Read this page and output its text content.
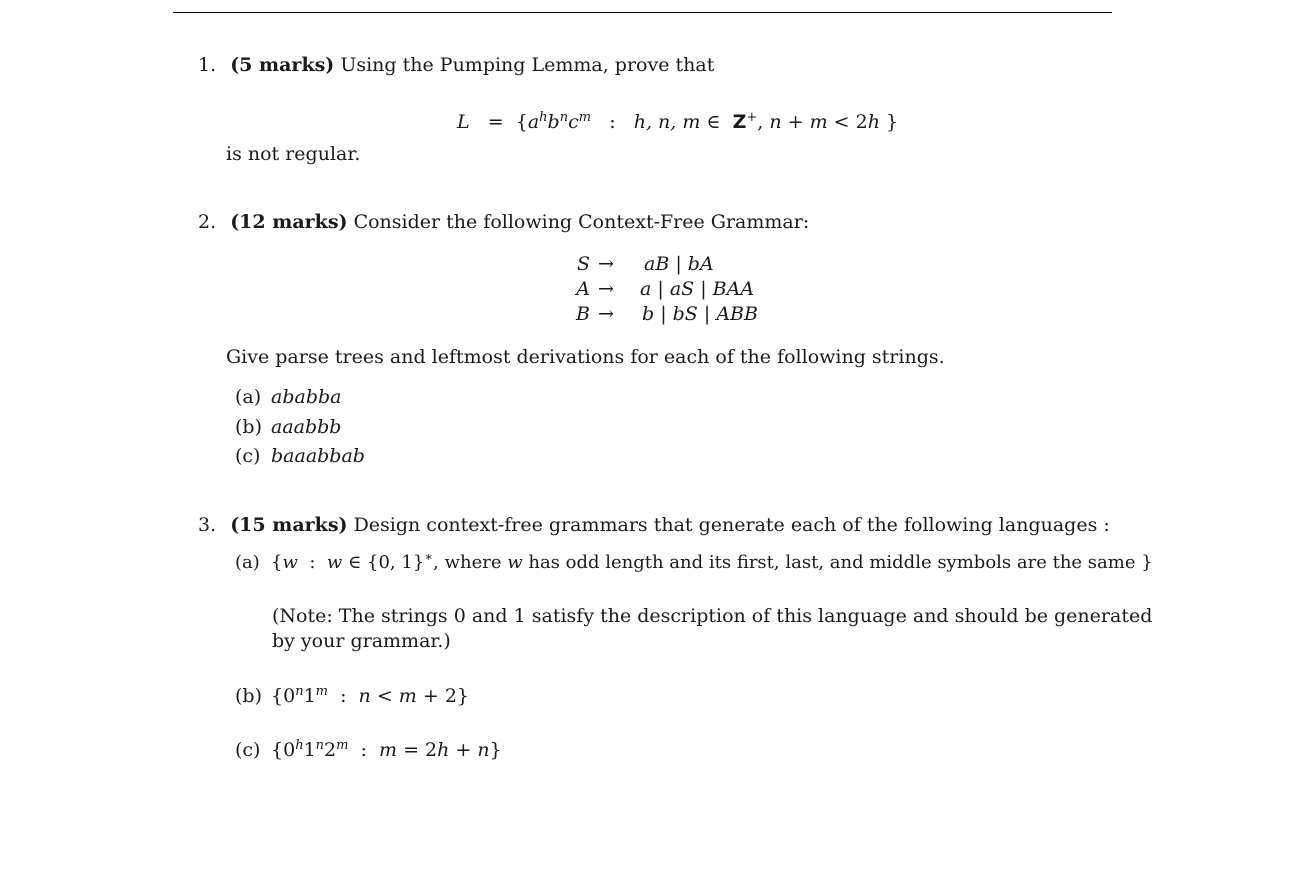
1. (5 marks) Using the Pumping Lemma, prove that
$L = \{a^hb^nc^m$   :   h, n, m ∈  Z+, n + m < 2h }
is not regular.
2. (12 marks) Consider the following Context-Free Grammar:
S → aB | bA
A → a | aS | BAA
B → b | bS | ABB
Give parse trees and leftmost derivations for each of the following strings.
(a) ababba
(b) aaabbb
(c) baaabbab
3. (15 marks) Design context-free grammars that generate each of the following languages :
(a) {w  :  w ∈ {0, 1}∗, where w has odd length and its first, last, and middle symbols are the same }
(Note: The strings 0 and 1 satisfy the description of this language and should be generated
by your grammar.)
(b) {0$^n$1$^m$  :  n < m + 2}
(c) {0$^h$1$^n$2$^m$  :  m = 2h + n}
